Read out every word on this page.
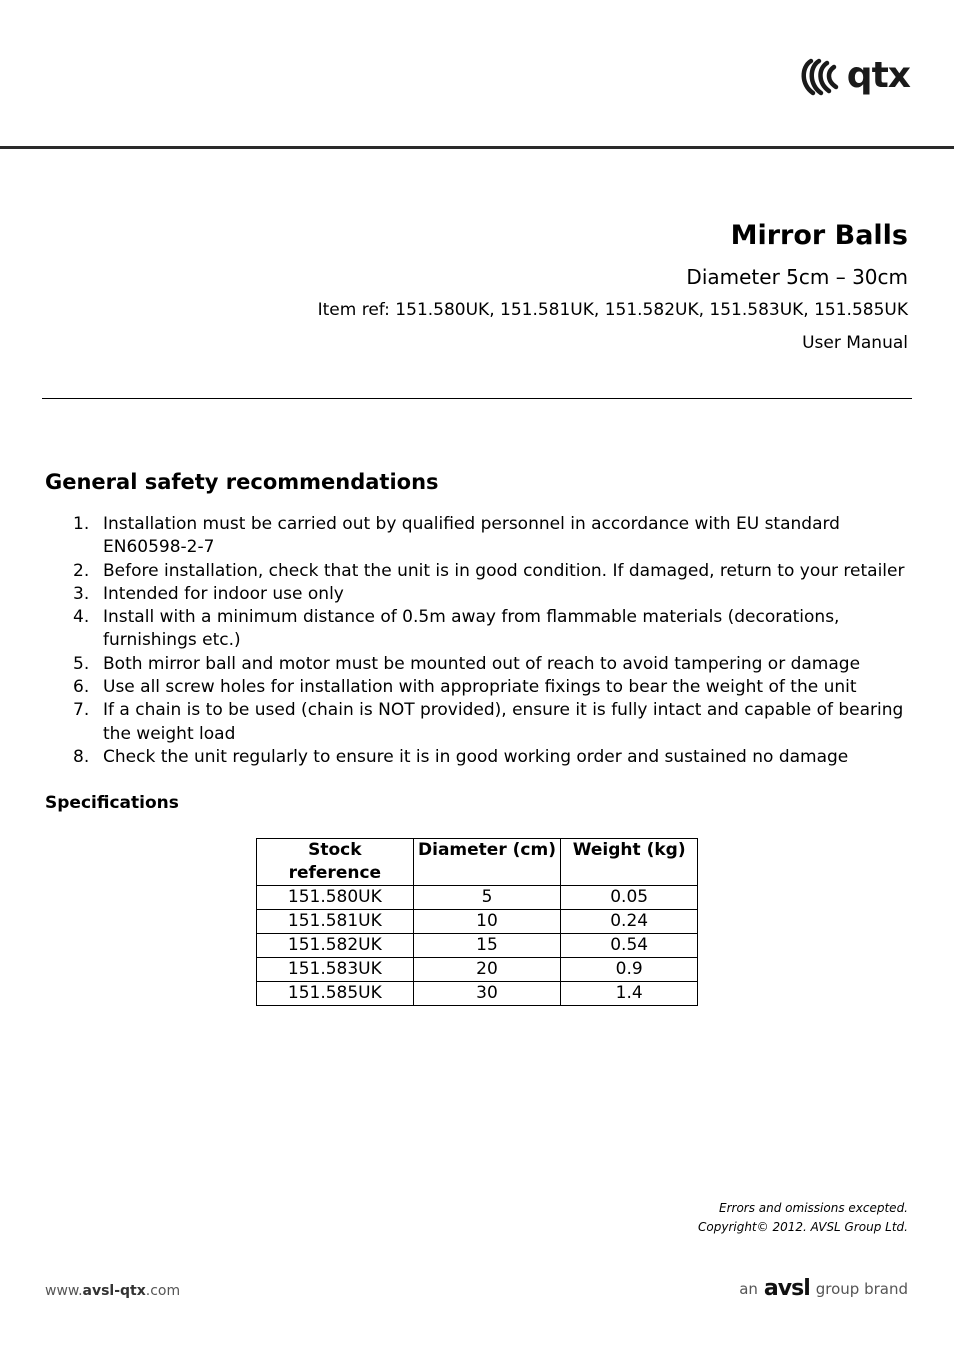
qtx
Mirror Balls
Diameter 5cm – 30cm
Item ref: 151.580UK, 151.581UK, 151.582UK, 151.583UK, 151.585UK
User Manual
General safety recommendations
1. Installation must be carried out by qualified personnel in accordance with EU standard EN60598-2-7
2. Before installation, check that the unit is in good condition. If damaged, return to your retailer
3. Intended for indoor use only
4. Install with a minimum distance of 0.5m away from flammable materials (decorations, furnishings etc.)
5. Both mirror ball and motor must be mounted out of reach to avoid tampering or damage
6. Use all screw holes for installation with appropriate fixings to bear the weight of the unit
7. If a chain is to be used (chain is NOT provided), ensure it is fully intact and capable of bearing the weight load
8. Check the unit regularly to ensure it is in good working order and sustained no damage
Specifications
Stock reference	Diameter (cm)	Weight (kg)
151.580UK	5	0.05
151.581UK	10	0.24
151.582UK	15	0.54
151.583UK	20	0.9
151.585UK	30	1.4
Errors and omissions excepted.
Copyright© 2012. AVSL Group Ltd.
www.avsl-qtx.com	an avsl group brand
